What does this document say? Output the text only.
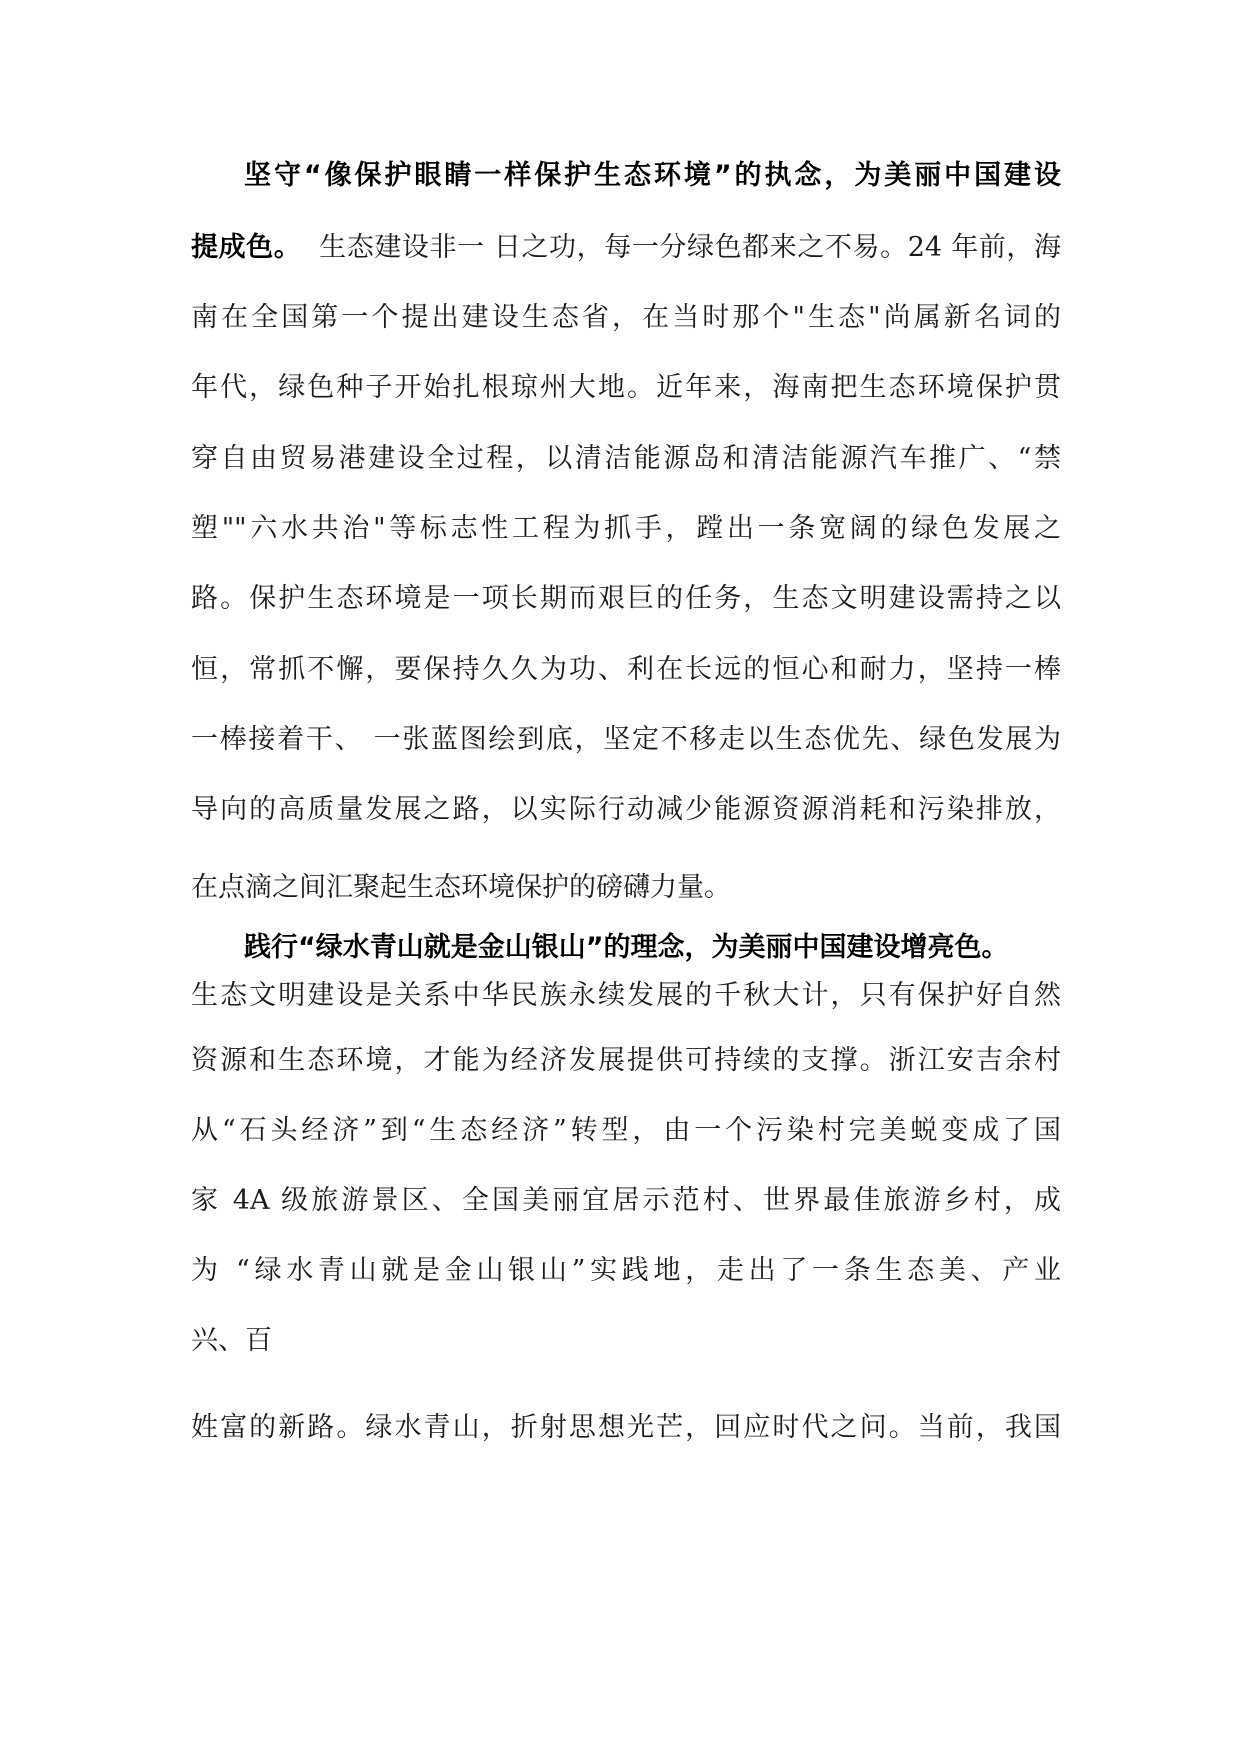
坚守“像保护眼睛一样保护生态环境”的执念，为美丽中国建设
提成色。 生态建设非一 日之功，每一分绿色都来之不易。24 年前，海
南在全国第一个提出建设生态省，在当时那个"生态"尚属新名词的
年代，绿色种子开始扎根琼州大地。近年来，海南把生态环境保护贯
穿自由贸易港建设全过程，以清洁能源岛和清洁能源汽车推广、“禁
塑""六水共治"等标志性工程为抓手，蹚出一条宽阔的绿色发展之
路。保护生态环境是一项长期而艰巨的任务，生态文明建设需持之以
恒，常抓不懈，要保持久久为功、利在长远的恒心和耐力，坚持一棒
一棒接着干、 一张蓝图绘到底，坚定不移走以生态优先、绿色发展为
导向的高质量发展之路，以实际行动减少能源资源消耗和污染排放，
在点滴之间汇聚起生态环境保护的磅礴力量。
践行“绿水青山就是金山银山”的理念，为美丽中国建设增亮色。
生态文明建设是关系中华民族永续发展的千秋大计，只有保护好自然
资源和生态环境，才能为经济发展提供可持续的支撑。浙江安吉余村
从“石头经济”到“生态经济”转型，由一个污染村完美蜕变成了国
家 4A 级旅游景区、全国美丽宜居示范村、世界最佳旅游乡村，成
为 “绿水青山就是金山银山”实践地，走出了一条生态美、产业
兴、百
姓富的新路。绿水青山，折射思想光芒，回应时代之问。当前，我国
